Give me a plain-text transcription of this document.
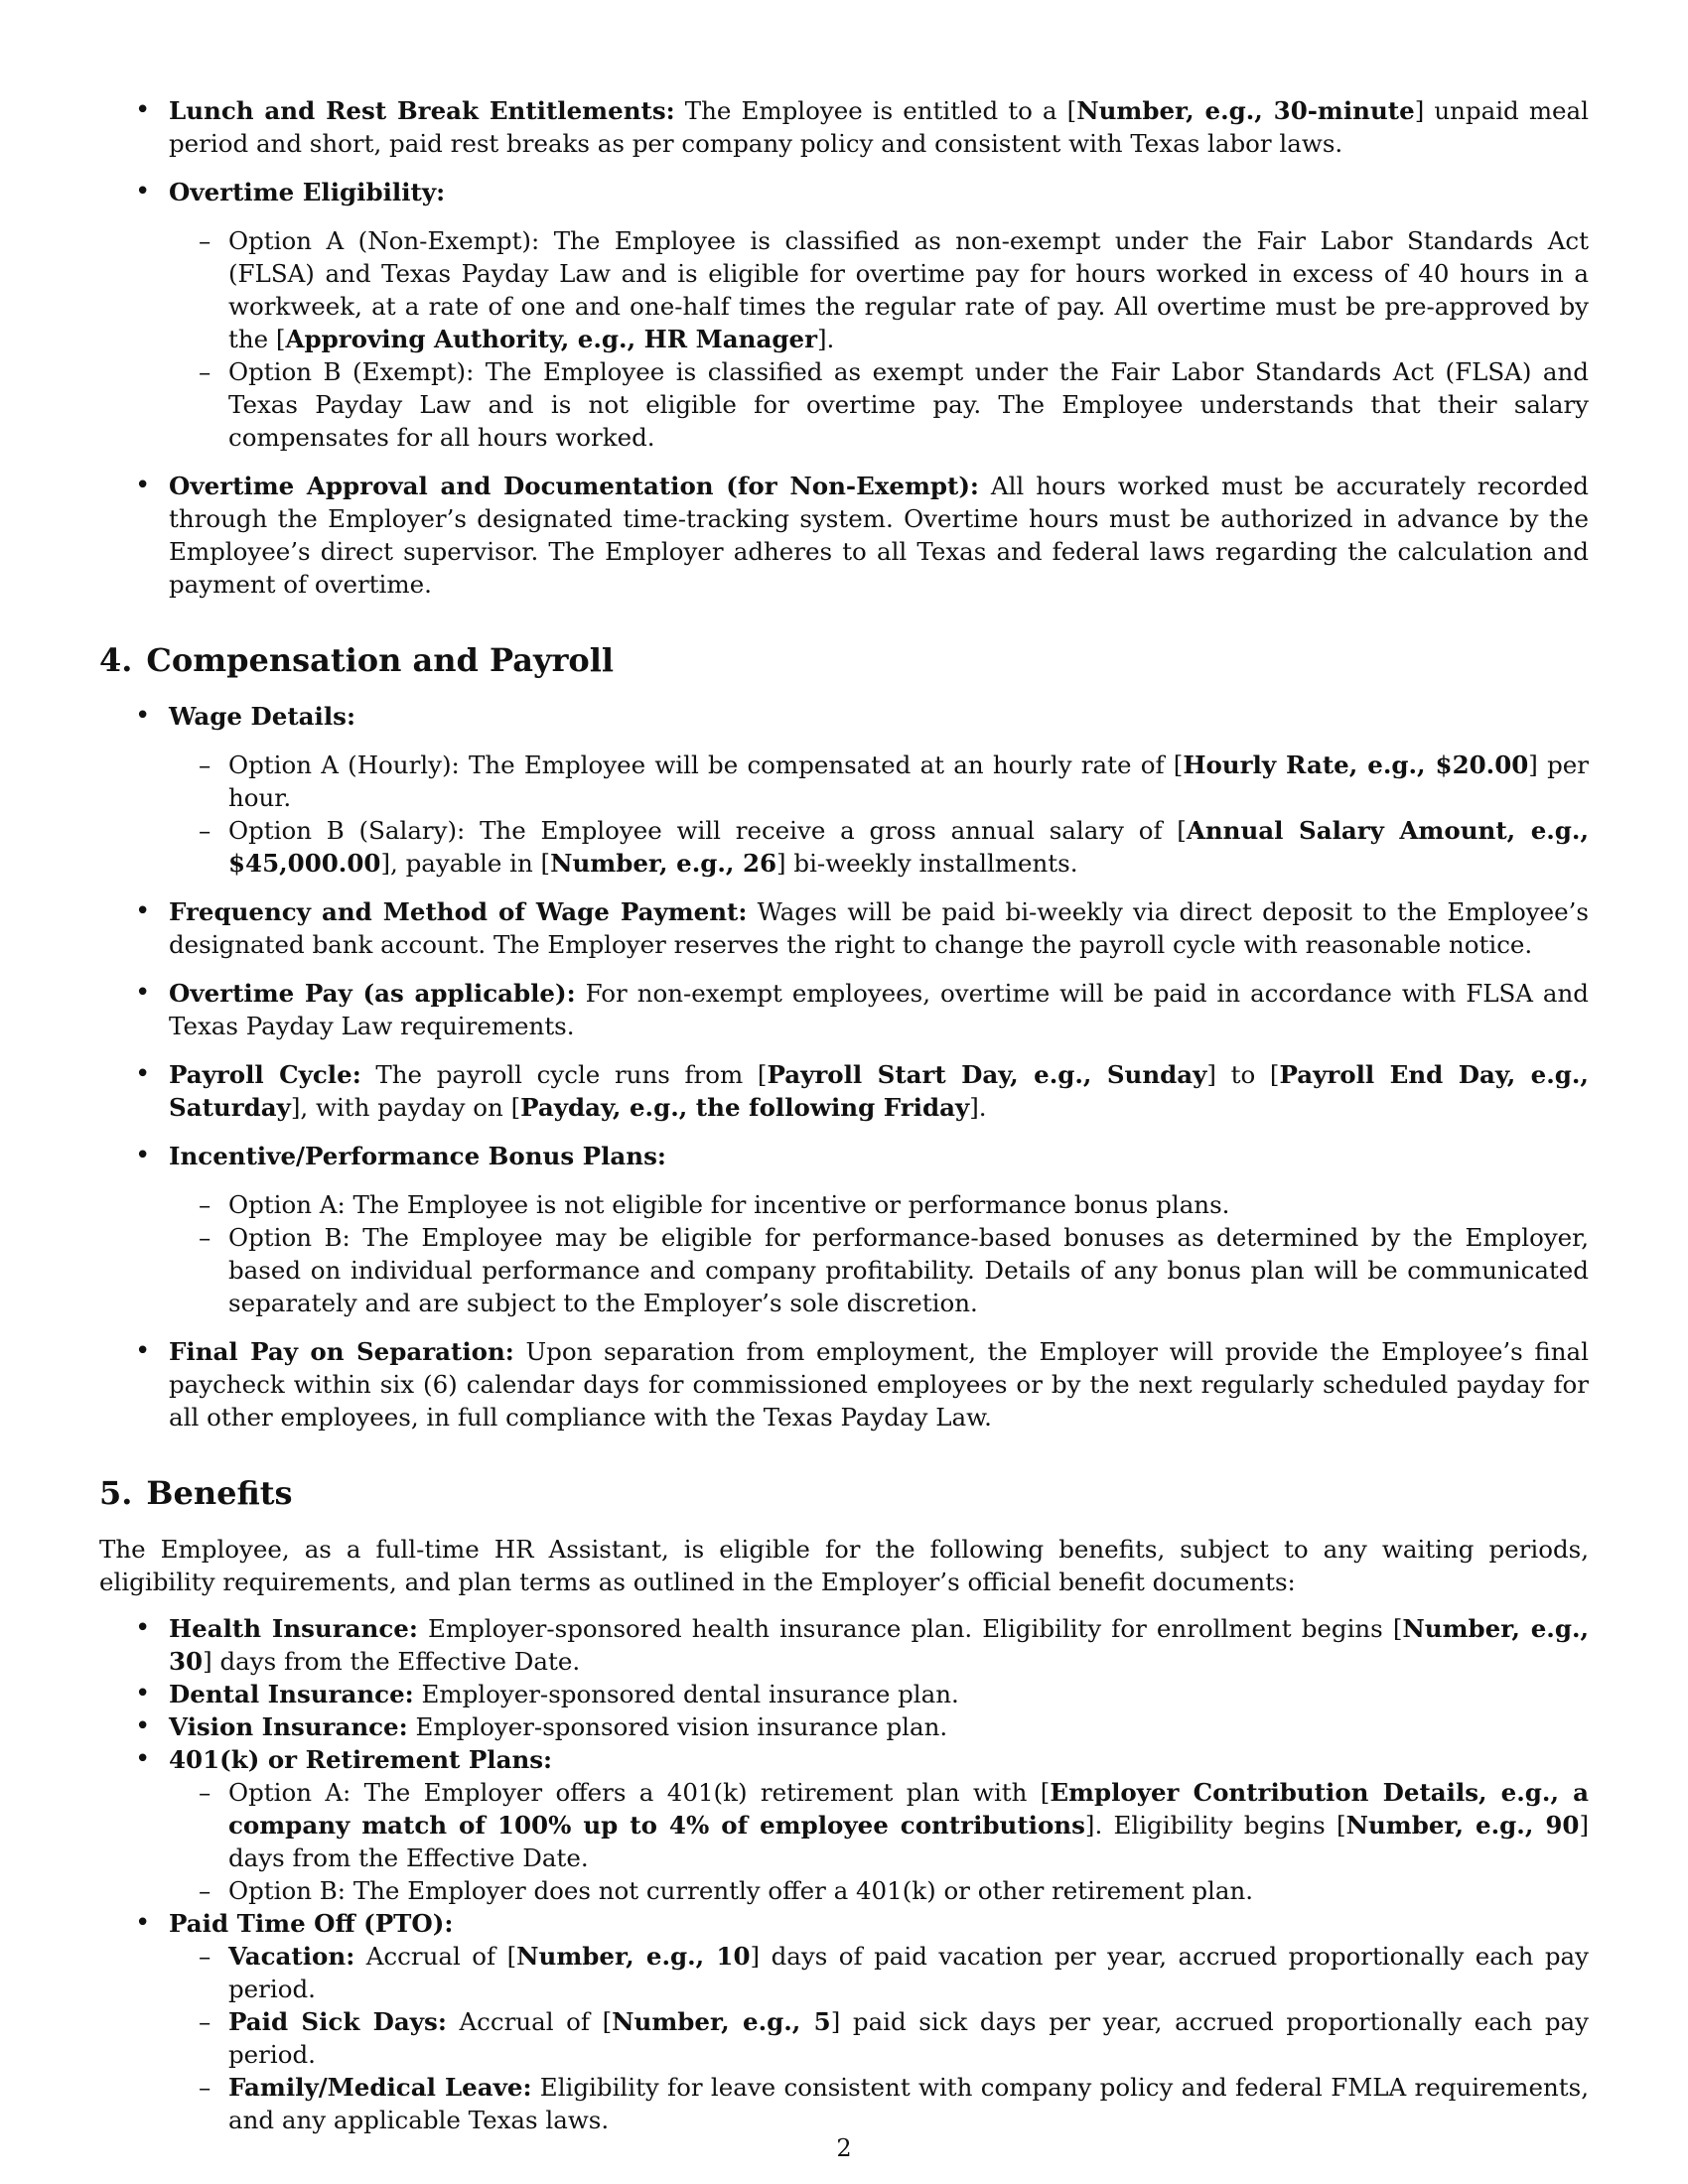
• Lunch and Rest Break Entitlements: The Employee is entitled to a [Number, e.g., 30-minute] unpaid meal period and short, paid rest breaks as per company policy and consistent with Texas labor laws.
• Overtime Eligibility:
– Option A (Non-Exempt): The Employee is classified as non-exempt under the Fair Labor Standards Act (FLSA) and Texas Payday Law and is eligible for overtime pay for hours worked in excess of 40 hours in a workweek, at a rate of one and one-half times the regular rate of pay. All overtime must be pre-approved by the [Approving Authority, e.g., HR Manager].
– Option B (Exempt): The Employee is classified as exempt under the Fair Labor Standards Act (FLSA) and Texas Payday Law and is not eligible for overtime pay. The Employee understands that their salary compensates for all hours worked.
• Overtime Approval and Documentation (for Non-Exempt): All hours worked must be accurately recorded through the Employer’s designated time-tracking system. Overtime hours must be authorized in advance by the Employee’s direct supervisor. The Employer adheres to all Texas and federal laws regarding the calculation and payment of overtime.
4. Compensation and Payroll
• Wage Details:
– Option A (Hourly): The Employee will be compensated at an hourly rate of [Hourly Rate, e.g., $20.00] per hour.
– Option B (Salary): The Employee will receive a gross annual salary of [Annual Salary Amount, e.g., $45,000.00], payable in [Number, e.g., 26] bi-weekly installments.
• Frequency and Method of Wage Payment: Wages will be paid bi-weekly via direct deposit to the Employee’s designated bank account. The Employer reserves the right to change the payroll cycle with reasonable notice.
• Overtime Pay (as applicable): For non-exempt employees, overtime will be paid in accordance with FLSA and Texas Payday Law requirements.
• Payroll Cycle: The payroll cycle runs from [Payroll Start Day, e.g., Sunday] to [Payroll End Day, e.g., Saturday], with payday on [Payday, e.g., the following Friday].
• Incentive/Performance Bonus Plans:
– Option A: The Employee is not eligible for incentive or performance bonus plans.
– Option B: The Employee may be eligible for performance-based bonuses as determined by the Employer, based on individual performance and company profitability. Details of any bonus plan will be communicated separately and are subject to the Employer’s sole discretion.
• Final Pay on Separation: Upon separation from employment, the Employer will provide the Employee’s final paycheck within six (6) calendar days for commissioned employees or by the next regularly scheduled payday for all other employees, in full compliance with the Texas Payday Law.
5. Benefits

The Employee, as a full-time HR Assistant, is eligible for the following benefits, subject to any waiting periods, eligibility requirements, and plan terms as outlined in the Employer’s official benefit documents:

• Health Insurance: Employer-sponsored health insurance plan. Eligibility for enrollment begins [Number, e.g., 30] days from the Effective Date.
• Dental Insurance: Employer-sponsored dental insurance plan.
• Vision Insurance: Employer-sponsored vision insurance plan.
• 401(k) or Retirement Plans:
– Option A: The Employer offers a 401(k) retirement plan with [Employer Contribution Details, e.g., a company match of 100% up to 4% of employee contributions]. Eligibility begins [Number, e.g., 90] days from the Effective Date.
– Option B: The Employer does not currently offer a 401(k) or other retirement plan.
• Paid Time Off (PTO):
– Vacation: Accrual of [Number, e.g., 10] days of paid vacation per year, accrued proportionally each pay period.
– Paid Sick Days: Accrual of [Number, e.g., 5] paid sick days per year, accrued proportionally each pay period.
– Family/Medical Leave: Eligibility for leave consistent with company policy and federal FMLA requirements, and any applicable Texas laws.
2
